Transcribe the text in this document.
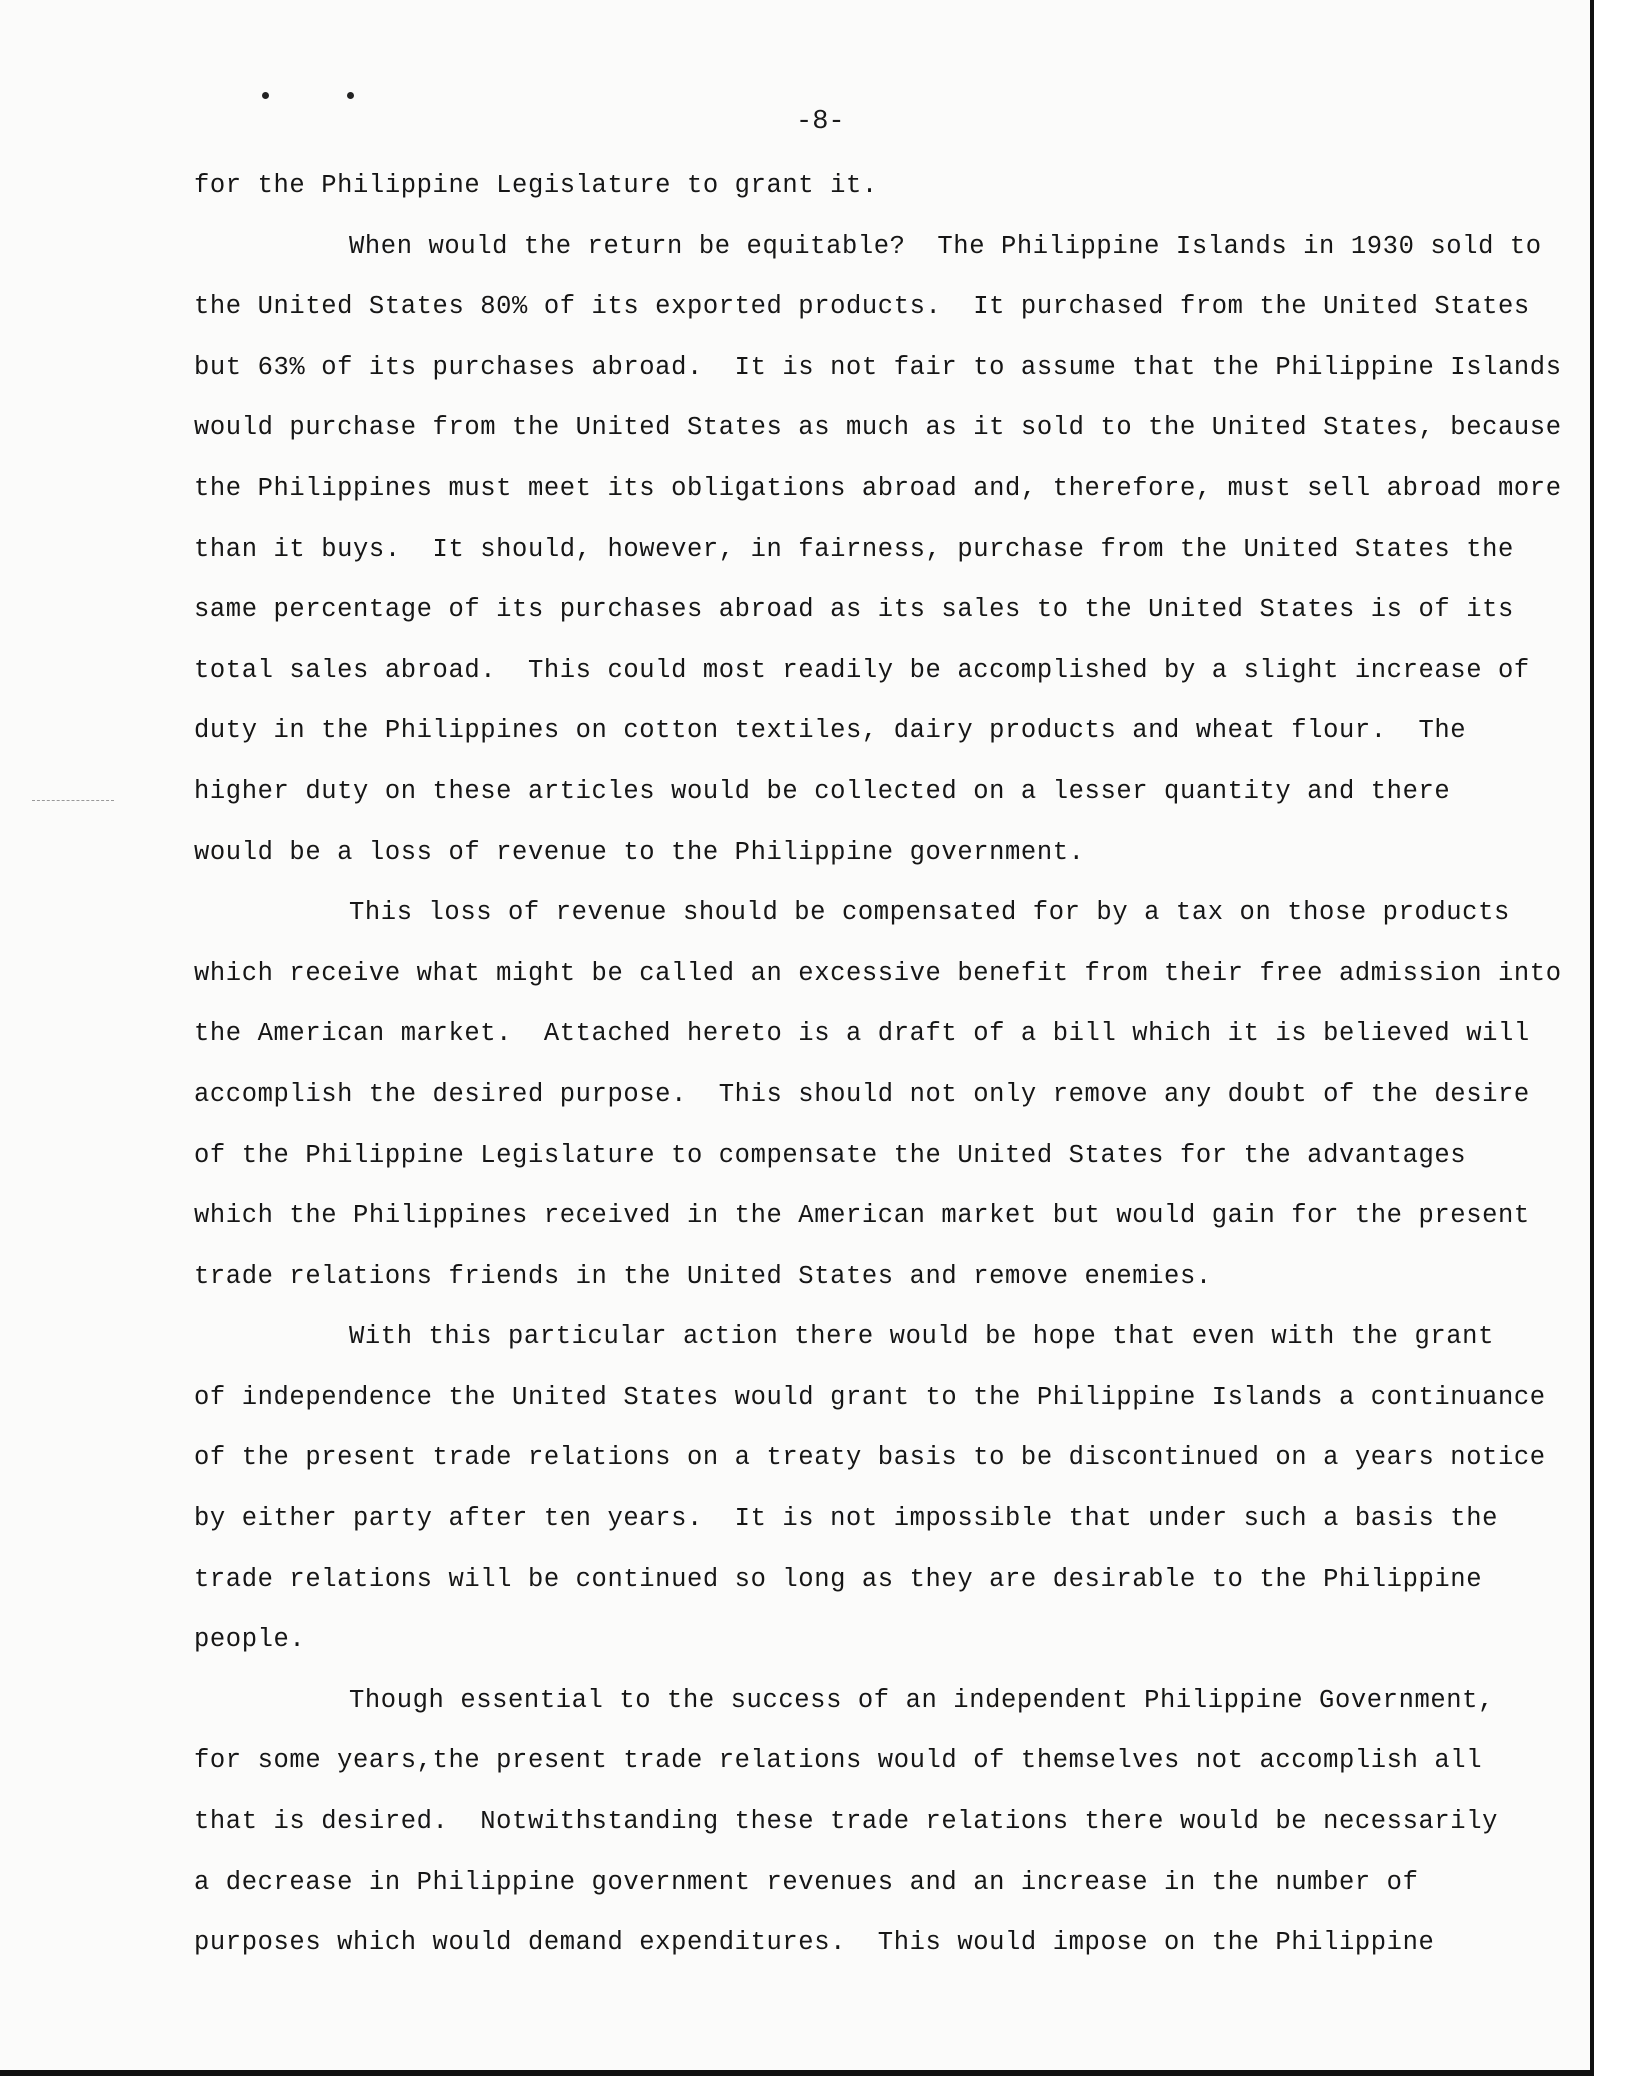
-8-
for the Philippine Legislature to grant it.
When would the return be equitable?  The Philippine Islands in 1930 sold to
the United States 80% of its exported products.  It purchased from the United States
but 63% of its purchases abroad.  It is not fair to assume that the Philippine Islands
would purchase from the United States as much as it sold to the United States, because
the Philippines must meet its obligations abroad and, therefore, must sell abroad more
than it buys.  It should, however, in fairness, purchase from the United States the
same percentage of its purchases abroad as its sales to the United States is of its
total sales abroad.  This could most readily be accomplished by a slight increase of
duty in the Philippines on cotton textiles, dairy products and wheat flour.  The
higher duty on these articles would be collected on a lesser quantity and there
would be a loss of revenue to the Philippine government.
This loss of revenue should be compensated for by a tax on those products
which receive what might be called an excessive benefit from their free admission into
the American market.  Attached hereto is a draft of a bill which it is believed will
accomplish the desired purpose.  This should not only remove any doubt of the desire
of the Philippine Legislature to compensate the United States for the advantages
which the Philippines received in the American market but would gain for the present
trade relations friends in the United States and remove enemies.
With this particular action there would be hope that even with the grant
of independence the United States would grant to the Philippine Islands a continuance
of the present trade relations on a treaty basis to be discontinued on a years notice
by either party after ten years.  It is not impossible that under such a basis the
trade relations will be continued so long as they are desirable to the Philippine
people.
Though essential to the success of an independent Philippine Government,
for some years,the present trade relations would of themselves not accomplish all
that is desired.  Notwithstanding these trade relations there would be necessarily
a decrease in Philippine government revenues and an increase in the number of
purposes which would demand expenditures.  This would impose on the Philippine
